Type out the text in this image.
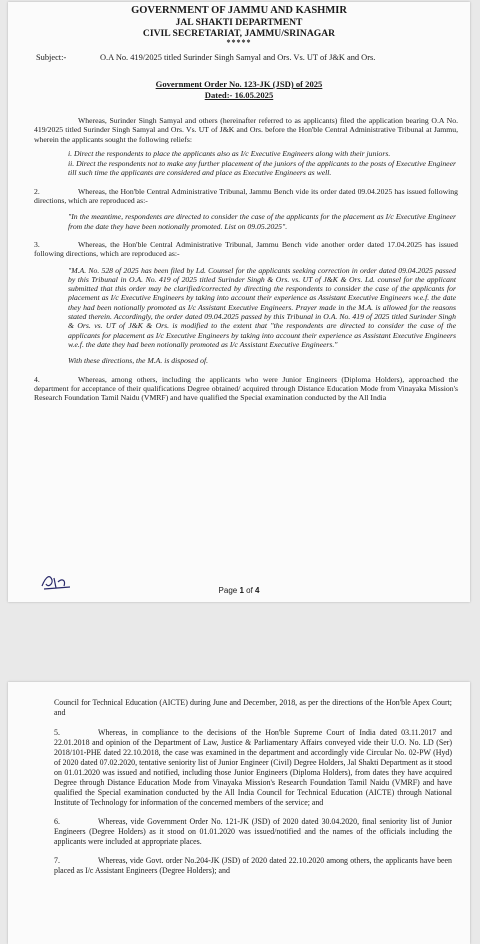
GOVERNMENT OF JAMMU AND KASHMIR
JAL SHAKTI DEPARTMENT
CIVIL SECRETARIAT, JAMMU/SRINAGAR
*****
Subject:-	O.A No. 419/2025 titled Surinder Singh Samyal and Ors. Vs. UT of J&K and Ors.
Government Order No. 123-JK (JSD) of 2025
Dated:- 16.05.2025
Whereas, Surinder Singh Samyal and others (hereinafter referred to as applicants) filed the application bearing O.A No. 419/2025 titled Surinder Singh Samyal and Ors. Vs. UT of J&K and Ors. before the Hon'ble Central Administrative Tribunal at Jammu, wherein the applicants sought the following reliefs:
i. Direct the respondents to place the applicants also as I/c Executive Engineers along with their juniors.
ii. Direct the respondents not to make any further placement of the juniors of the applicants to the posts of Executive Engineer till such time the applicants are considered and place as Executive Engineers as well.
2.	Whereas, the Hon'ble Central Administrative Tribunal, Jammu Bench vide its order dated 09.04.2025 has issued following directions, which are reproduced as:-
"In the meantime, respondents are directed to consider the case of the applicants for the placement as I/c Executive Engineer from the date they have been notionally promoted. List on 09.05.2025".
3.	Whereas, the Hon'ble Central Administrative Tribunal, Jammu Bench vide another order dated 17.04.2025 has issued following directions, which are reproduced as:-
"M.A. No. 528 of 2025 has been filed by Ld. Counsel for the applicants seeking correction in order dated 09.04.2025 passed by this Tribunal in O.A. No. 419 of 2025 titled Surinder Singh & Ors. vs. UT of J&K & Ors. Ld. counsel for the applicant submitted that this order may be clarified/corrected by directing the respondents to consider the case of the applicants for placement as I/c Executive Engineers by taking into account their experience as Assistant Executive Engineers w.e.f. the date they had been notionally promoted as I/c Assistant Executive Engineers. Prayer made in the M.A. is allowed for the reasons stated therein. Accordingly, the order dated 09.04.2025 passed by this Tribunal in O.A. No. 419 of 2025 titled Surinder Singh & Ors. vs. UT of J&K & Ors. is modified to the extent that "the respondents are directed to consider the case of the applicants for placement as I/c Executive Engineers by taking into account their experience as Assistant Executive Engineers w.e.f. the date they had been notionally promoted as I/c Assistant Executive Engineers."
With these directions, the M.A. is disposed of.
4.	Whereas, among others, including the applicants who were Junior Engineers (Diploma Holders), approached the department for acceptance of their qualifications Degree obtained/ acquired through Distance Education Mode from Vinayaka Mission's Research Foundation Tamil Naidu (VMRF) and have qualified the Special examination conducted by the All India
Page 1 of 4
Council for Technical Education (AICTE) during June and December, 2018, as per the directions of the Hon'ble Apex Court; and
5.	Whereas, in compliance to the decisions of the Hon'ble Supreme Court of India dated 03.11.2017 and 22.01.2018 and opinion of the Department of Law, Justice & Parliamentary Affairs conveyed vide their U.O. No. LD (Ser) 2018/101-PHE dated 22.10.2018, the case was examined in the department and accordingly vide Circular No. 02-PW (Hyd) of 2020 dated 07.02.2020, tentative seniority list of Junior Engineer (Civil) Degree Holders, Jal Shakti Department as it stood on 01.01.2020 was issued and notified, including those Junior Engineers (Diploma Holders), from dates they have acquired Degree through Distance Education Mode from Vinayaka Mission's Research Foundation Tamil Naidu (VMRF) and have qualified the Special examination conducted by the All India Council for Technical Education (AICTE) through National Institute of Technology for information of the concerned members of the service; and
6.	Whereas, vide Government Order No. 121-JK (JSD) of 2020 dated 30.04.2020, final seniority list of Junior Engineers (Degree Holders) as it stood on 01.01.2020 was issued/notified and the names of the officials including the applicants were included at appropriate places.
7.	Whereas, vide Govt. order No.204-JK (JSD) of 2020 dated 22.10.2020 among others, the applicants have been placed as I/c Assistant Engineers (Degree Holders); and
